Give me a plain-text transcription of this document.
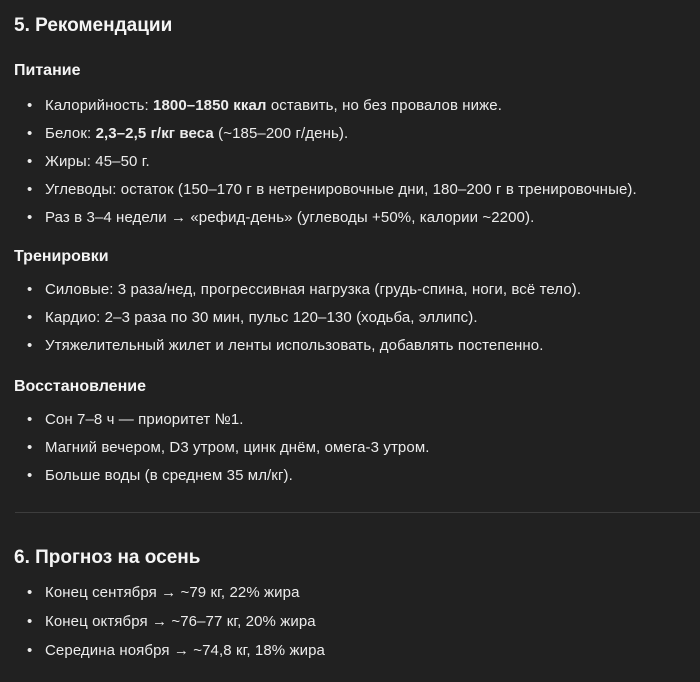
5. Рекомендации
Питание
• Калорийность: 1800–1850 ккал оставить, но без провалов ниже.
• Белок: 2,3–2,5 г/кг веса (~185–200 г/день).
• Жиры: 45–50 г.
• Углеводы: остаток (150–170 г в нетренировочные дни, 180–200 г в тренировочные).
• Раз в 3–4 недели → «рефид-день» (углеводы +50%, калории ~2200).
Тренировки
• Силовые: 3 раза/нед, прогрессивная нагрузка (грудь-спина, ноги, всё тело).
• Кардио: 2–3 раза по 30 мин, пульс 120–130 (ходьба, эллипс).
• Утяжелительный жилет и ленты использовать, добавлять постепенно.
Восстановление
• Сон 7–8 ч — приоритет №1.
• Магний вечером, D3 утром, цинк днём, омега-3 утром.
• Больше воды (в среднем 35 мл/кг).
6. Прогноз на осень
• Конец сентября → ~79 кг, 22% жира
• Конец октября → ~76–77 кг, 20% жира
• Середина ноября → ~74,8 кг, 18% жира
